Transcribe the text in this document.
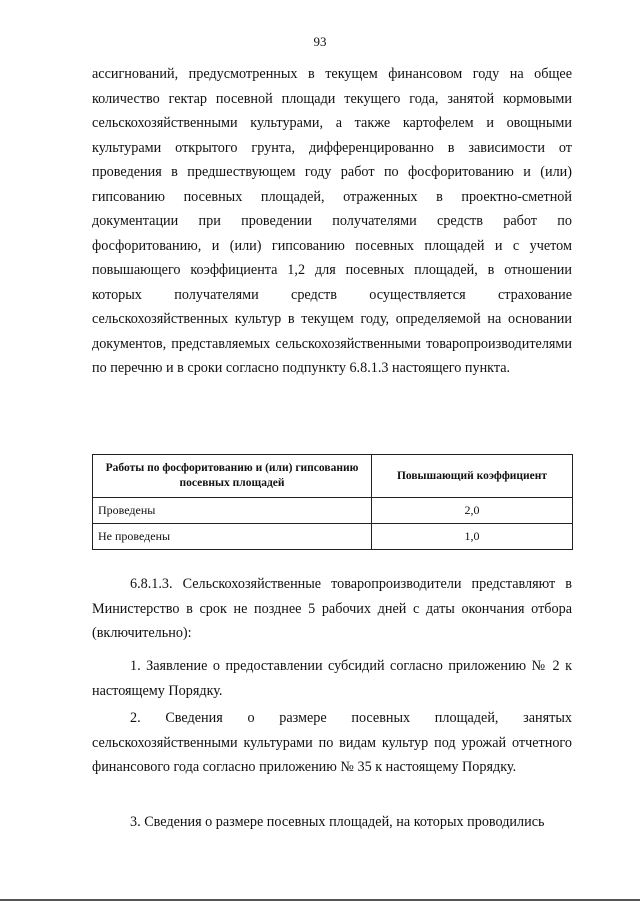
93

ассигнований, предусмотренных в текущем финансовом году на общее количество гектар посевной площади текущего года, занятой кормовыми сельскохозяйственными культурами, а также картофелем и овощными культурами открытого грунта, дифференцированно в зависимости от проведения в предшествующем году работ по фосфоритованию и (или) гипсованию посевных площадей, отраженных в проектно-сметной документации при проведении получателями средств работ по фосфоритованию, и (или) гипсованию посевных площадей и с учетом повышающего коэффициента 1,2 для посевных площадей, в отношении которых получателями средств осуществляется страхование сельскохозяйственных культур в текущем году, определяемой на основании документов, представляемых сельскохозяйственными товаропроизводителями по перечню и в сроки согласно подпункту 6.8.1.3 настоящего пункта.

Работы по фосфоритованию и (или) гипсованию посевных площадей	Повышающий коэффициент
Проведены	2,0
Не проведены	1,0

6.8.1.3. Сельскохозяйственные товаропроизводители представляют в Министерство в срок не позднее 5 рабочих дней с даты окончания отбора (включительно):

1. Заявление о предоставлении субсидий согласно приложению № 2 к настоящему Порядку.

2. Сведения о размере посевных площадей, занятых сельскохозяйственными культурами по видам культур под урожай отчетного финансового года согласно приложению № 35 к настоящему Порядку.

3. Сведения о размере посевных площадей, на которых проводились
